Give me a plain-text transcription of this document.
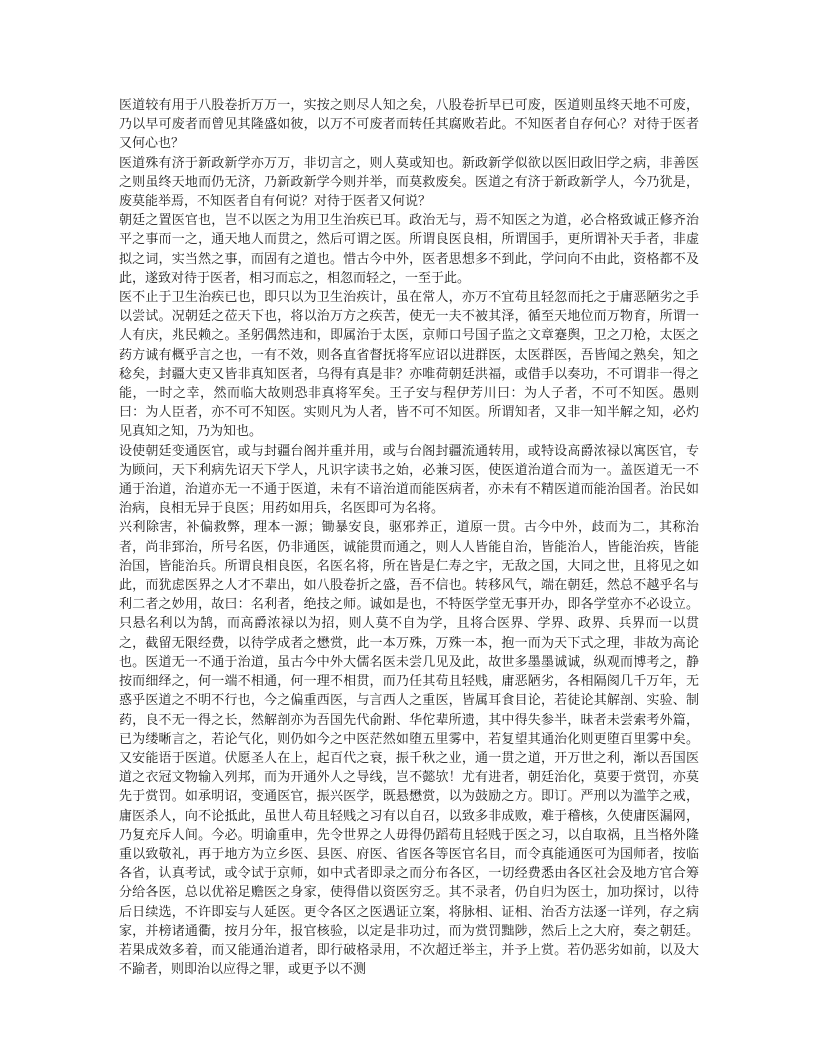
医道较有用于八股卷折万万一，实按之则尽人知之矣，八股卷折早已可废，医道则虽终天地不可废，乃以早可废者而曾见其隆盛如彼，以万不可废者而转任其腐败若此。不知医者自存何心？对待于医者又何心也？

医道殊有济于新政新学亦万万，非切言之，则人莫或知也。新政新学似欲以医旧政旧学之病，非善医之则虽终天地而仍无济，乃新政新学今则并举，而莫救废矣。医道之有济于新政新学人，今乃犹是，废莫能举焉，不知医者自有何说？对待于医者又何说？

朝廷之置医官也，岂不以医之为用卫生治疾已耳。政治无与，焉不知医之为道，必合格致诚正修齐治平之事而一之，通天地人而贯之，然后可谓之医。所谓良医良相，所谓国手，更所谓补天手者，非虚拟之词，实当然之事，而固有之道也。惜古今中外，医者思想多不到此，学问向不由此，资格都不及此，遂致对待于医者，相习而忘之，相忽而轻之，一至于此。

医不止于卫生治疾已也，即只以为卫生治疾计，虽在常人，亦万不宜苟且轻忽而托之于庸恶陋劣之手以尝试。况朝廷之莅天下也，将以治万方之疾苦，使无一夫不被其泽，循至天地位而万物育，所谓一人有庆，兆民赖之。圣躬偶然违和，即属治于太医，京师口号国子监之文章蹇舆，卫之刀枪，太医之药方诚有概乎言之也，一有不效，则各直省督抚将军应诏以进群医，太医群医，吾皆闻之熟矣，知之稔矣，封疆大吏又皆非真知医者，乌得有真是非？亦唯荷朝廷洪福，或借手以奏功，不可谓非一得之能，一时之幸，然而临大故则恐非真将军矣。王子安与程伊芳川曰：为人子者，不可不知医。愚则曰：为人臣者，亦不可不知医。实则凡为人者，皆不可不知医。所谓知者，又非一知半解之知，必灼见真知之知，乃为知也。

设使朝廷变通医官，或与封疆台阁并重并用，或与台阁封疆流通转用，或特设高爵浓禄以寓医官，专为顾问，天下利病先诏天下学人，凡识字读书之始，必兼习医，使医道治道合而为一。盖医道无一不通于治道，治道亦无一不通于医道，未有不谙治道而能医病者，亦未有不精医道而能治国者。治民如治病，良相无异于良医；用药如用兵，名医即可为名将。

兴利除害，补偏救弊，理本一源；锄暴安良，驱邪养正，道原一贯。古今中外，歧而为二，其称治者，尚非郅治，所号名医，仍非通医，诚能贯而通之，则人人皆能自治，皆能治人，皆能治疾，皆能治国，皆能治兵。所谓良相良医，名医名将，所在皆是仁寿之宇，无敌之国，大同之世，且将见之如此，而犹虑医界之人才不辈出，如八股卷折之盛，吾不信也。转移风气，端在朝廷，然总不越乎名与利二者之妙用，故曰：名利者，绝技之师。诚如是也，不特医学堂无事开办，即各学堂亦不必设立。只悬名利以为鹄，而高爵浓禄以为招，则人莫不自为学，且将合医界、学界、政界、兵界而一以贯之，截留无限经费，以待学成者之懋赏，此一本万殊，万殊一本，抱一而为天下式之理，非故为高论也。医道无一不通于治道，虽古今中外大儒名医未尝几见及此，故世多墨墨诚诚，纵观而博考之，静按而细绎之，何一端不相通，何一理不相贯，而乃任其苟且轻贱，庸恶陋劣，各相隔阂几千万年，无惑乎医道之不明不行也，今之偏重西医，与言西人之重医，皆属耳食目论，若徒论其解剖、实验、制药，良不无一得之长，然解剖亦为吾国先代俞跗、华佗辈所遗，其中得失参半，昧者未尝索考外篇，已为缕晰言之，若论气化，则仍如今之中医茫然如堕五里雾中，若复望其通治化则更堕百里雾中矣。又安能语于医道。伏愿圣人在上，起百代之衰，振千秋之业，通一贯之道，开万世之利，渐以吾国医道之衣冠文物输入列邦，而为开通外人之导线，岂不懿欤！尤有进者，朝廷治化，莫要于赏罚，亦莫先于赏罚。如承明诏，变通医官，振兴医学，既悬懋赏，以为鼓励之方。即订。严刑以为滥竽之戒，庸医杀人，向不论抵此，虽世人苟且轻贱之习有以自召，以致多非成败，难于稽核，久使庸医漏网，乃复充斥人间。今必。明谕重申，先令世界之人毋得仍蹈苟且轻贱于医之习，以自取祸，且当格外隆重以致敬礼，再于地方为立乡医、县医、府医、省医各等医官名目，而令真能通医可为国师者，按临各省，认真考试，或令试于京师，如中式者即录之而分布各区，一切经费悉由各区社会及地方官合筹分给各医，总以优裕足赡医之身家，使得借以资医穷乏。其不录者，仍自归为医士，加功探讨，以待后日续选，不许即妄与人延医。更令各区之医遇证立案，将脉相、证相、治否方法逐一详列，存之病家，并榜诸通衢，按月分年，报官核验，以定是非功过，而为赏罚黜陟，然后上之大府，奏之朝廷。若果成效多着，而又能通治道者，即行破格录用，不次超迁举主，并予上赏。若仍恶劣如前，以及大不踰者，则即治以应得之罪，或更予以不测
